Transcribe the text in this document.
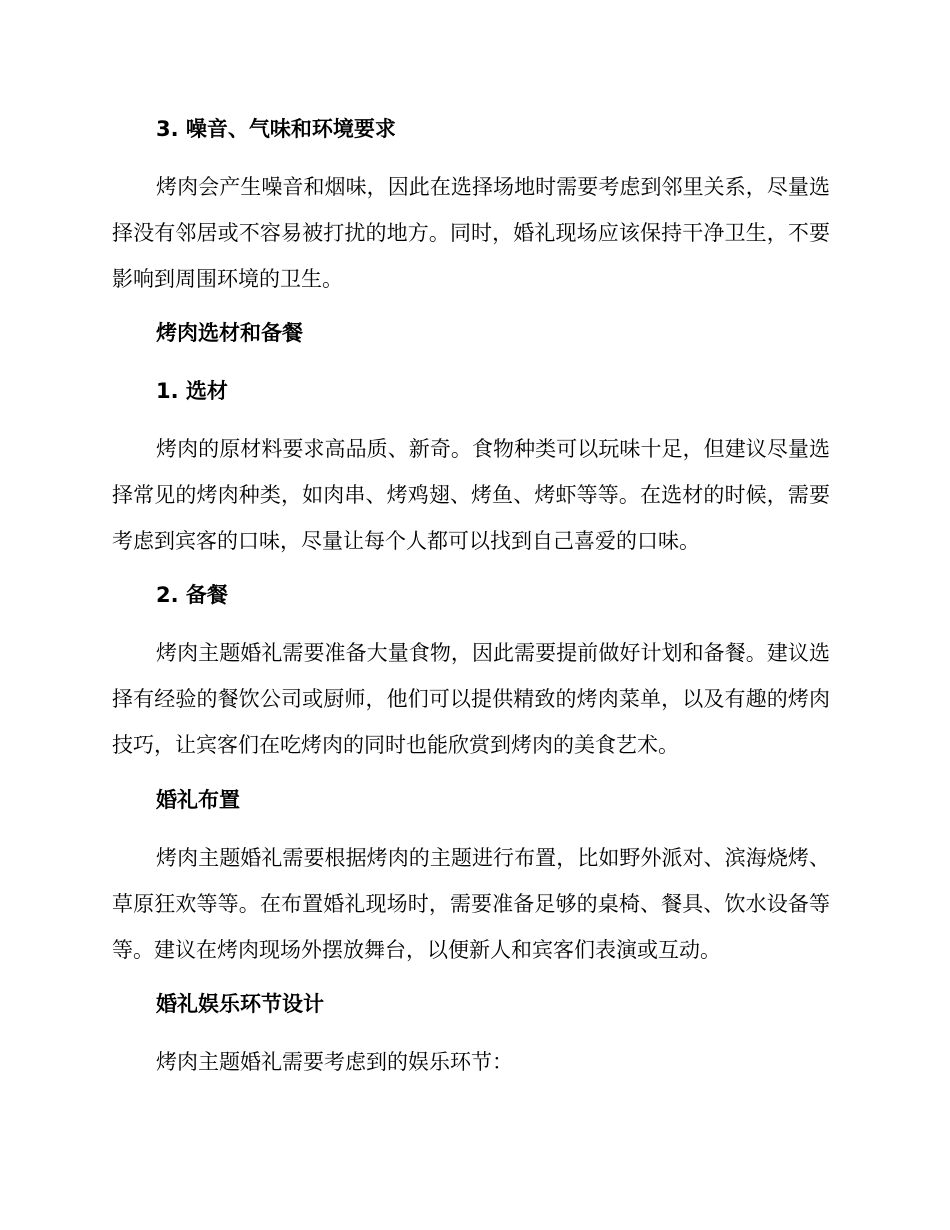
3. 噪音、气味和环境要求
烤肉会产生噪音和烟味，因此在选择场地时需要考虑到邻里关系，尽量选择没有邻居或不容易被打扰的地方。同时，婚礼现场应该保持干净卫生，不要影响到周围环境的卫生。
烤肉选材和备餐
1. 选材
烤肉的原材料要求高品质、新奇。食物种类可以玩味十足，但建议尽量选择常见的烤肉种类，如肉串、烤鸡翅、烤鱼、烤虾等等。在选材的时候，需要考虑到宾客的口味，尽量让每个人都可以找到自己喜爱的口味。
2. 备餐
烤肉主题婚礼需要准备大量食物，因此需要提前做好计划和备餐。建议选择有经验的餐饮公司或厨师，他们可以提供精致的烤肉菜单，以及有趣的烤肉技巧，让宾客们在吃烤肉的同时也能欣赏到烤肉的美食艺术。
婚礼布置
烤肉主题婚礼需要根据烤肉的主题进行布置，比如野外派对、滨海烧烤、草原狂欢等等。在布置婚礼现场时，需要准备足够的桌椅、餐具、饮水设备等等。建议在烤肉现场外摆放舞台，以便新人和宾客们表演或互动。
婚礼娱乐环节设计
烤肉主题婚礼需要考虑到的娱乐环节：
